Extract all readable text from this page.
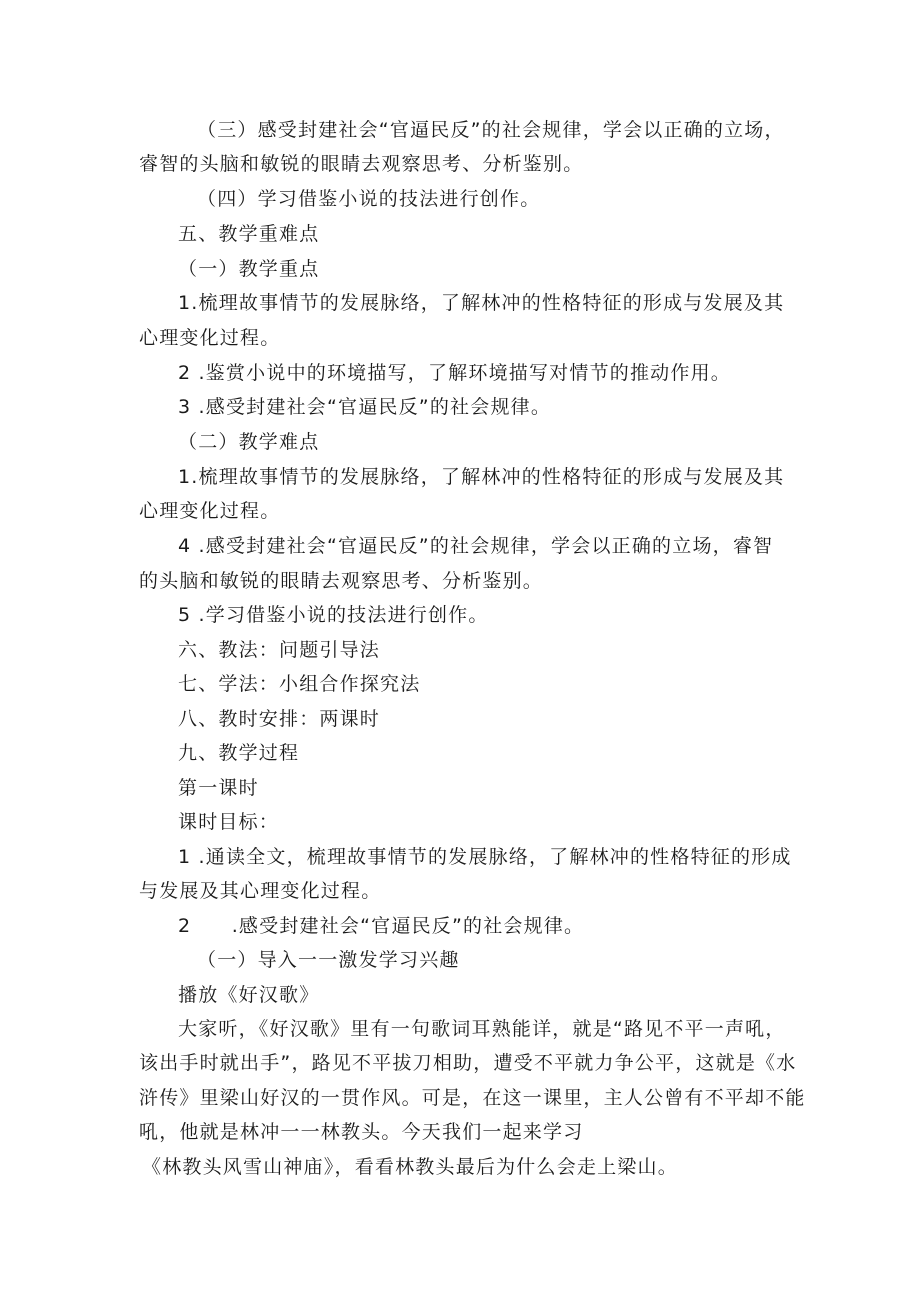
（三）感受封建社会“官逼民反”的社会规律，学会以正确的立场，
睿智的头脑和敏锐的眼睛去观察思考、分析鉴别。
（四）学习借鉴小说的技法进行创作。
五、教学重难点
（一）教学重点
1.梳理故事情节的发展脉络，了解林冲的性格特征的形成与发展及其
心理变化过程。
2 .鉴赏小说中的环境描写，了解环境描写对情节的推动作用。
3 .感受封建社会“官逼民反”的社会规律。
（二）教学难点
1.梳理故事情节的发展脉络，了解林冲的性格特征的形成与发展及其
心理变化过程。
4 .感受封建社会“官逼民反”的社会规律，学会以正确的立场，睿智
的头脑和敏锐的眼睛去观察思考、分析鉴别。
5 .学习借鉴小说的技法进行创作。
六、教法：问题引导法
七、学法：小组合作探究法
八、教时安排：两课时
九、教学过程
第一课时
课时目标：
1 .通读全文，梳理故事情节的发展脉络，了解林冲的性格特征的形成
与发展及其心理变化过程。
2　　.感受封建社会“官逼民反”的社会规律。
（一）导入一一激发学习兴趣
播放《好汉歌》
大家听，《好汉歌》里有一句歌词耳熟能详，就是“路见不平一声吼，
该出手时就出手”，路见不平拔刀相助，遭受不平就力争公平，这就是《水
浒传》里梁山好汉的一贯作风。可是，在这一课里，主人公曾有不平却不能
吼，他就是林冲一一林教头。今天我们一起来学习
《林教头风雪山神庙》，看看林教头最后为什么会走上梁山。
